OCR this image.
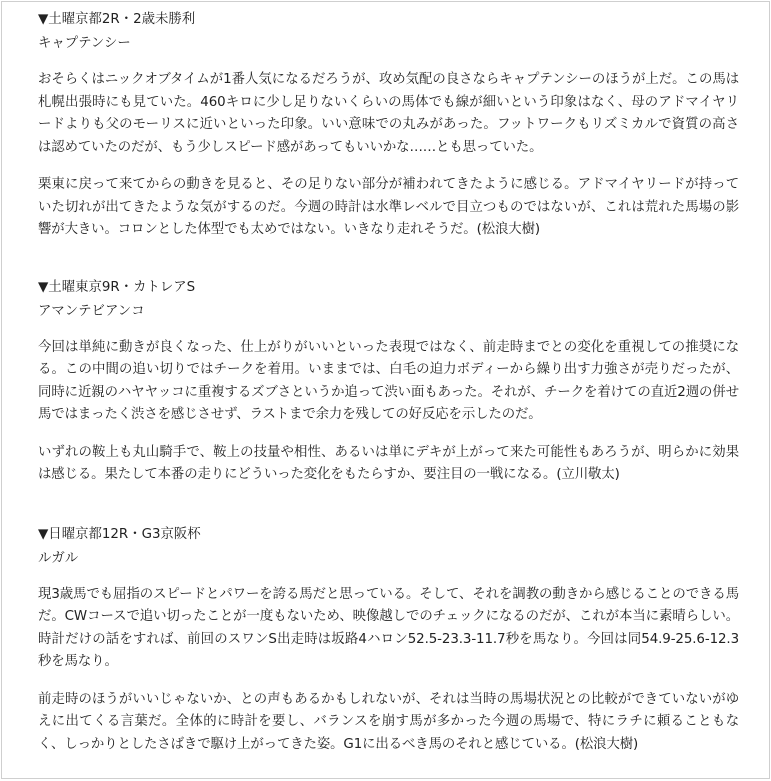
▼土曜京都2R・2歳未勝利

キャプテンシー

おそらくはニックオブタイムが1番人気になるだろうが、攻め気配の良さならキャプテンシーのほうが上だ。この馬は札幌出張時にも見ていた。460キロに少し足りないくらいの馬体でも線が細いという印象はなく、母のアドマイヤリードよりも父のモーリスに近いといった印象。いい意味での丸みがあった。フットワークもリズミカルで資質の高さは認めていたのだが、もう少しスピード感があってもいいかな……とも思っていた。

栗東に戻って来てからの動きを見ると、その足りない部分が補われてきたように感じる。アドマイヤリードが持っていた切れが出てきたような気がするのだ。今週の時計は水準レベルで目立つものではないが、これは荒れた馬場の影響が大きい。コロンとした体型でも太めではない。いきなり走れそうだ。(松浪大樹)

▼土曜東京9R・カトレアS

アマンテビアンコ

今回は単純に動きが良くなった、仕上がりがいいといった表現ではなく、前走時までとの変化を重視しての推奨になる。この中間の追い切りではチークを着用。いままでは、白毛の迫力ボディーから繰り出す力強さが売りだったが、同時に近親のハヤヤッコに重複するズブさというか追って渋い面もあった。それが、チークを着けての直近2週の併せ馬ではまったく渋さを感じさせず、ラストまで余力を残しての好反応を示したのだ。

いずれの鞍上も丸山騎手で、鞍上の技量や相性、あるいは単にデキが上がって来た可能性もあろうが、明らかに効果は感じる。果たして本番の走りにどういった変化をもたらすか、要注目の一戦になる。(立川敬太)

▼日曜京都12R・G3京阪杯

ルガル

現3歳馬でも屈指のスピードとパワーを誇る馬だと思っている。そして、それを調教の動きから感じることのできる馬だ。CWコースで追い切ったことが一度もないため、映像越しでのチェックになるのだが、これが本当に素晴らしい。時計だけの話をすれば、前回のスワンS出走時は坂路4ハロン52.5-23.3-11.7秒を馬なり。今回は同54.9-25.6-12.3秒を馬なり。

前走時のほうがいいじゃないか、との声もあるかもしれないが、それは当時の馬場状況との比較ができていないがゆえに出てくる言葉だ。全体的に時計を要し、バランスを崩す馬が多かった今週の馬場で、特にラチに頼ることもなく、しっかりとしたさばきで駆け上がってきた姿。G1に出るべき馬のそれと感じている。(松浪大樹)
